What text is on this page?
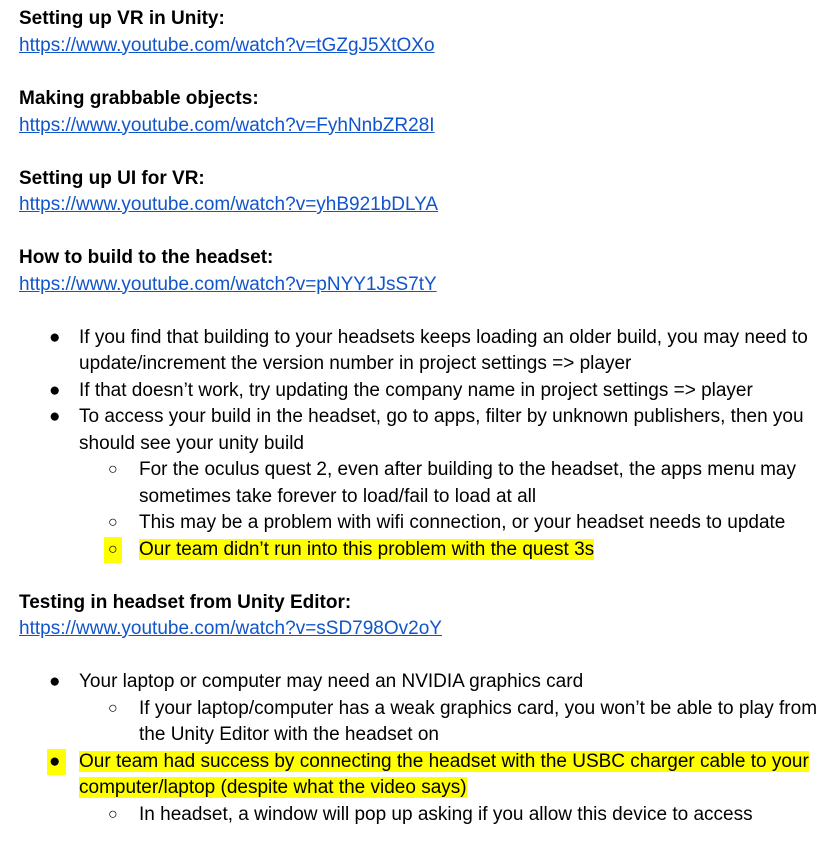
Setting up VR in Unity:

https://www.youtube.com/watch?v=tGZgJ5XtOXo

Making grabbable objects:

https://www.youtube.com/watch?v=FyhNnbZR28I

Setting up UI for VR:

https://www.youtube.com/watch?v=yhB921bDLYA

How to build to the headset:

https://www.youtube.com/watch?v=pNYY1JsS7tY
● If you find that building to your headsets keeps loading an older build, you may need to update/increment the version number in project settings => player
● If that doesn’t work, try updating the company name in project settings => player
● To access your build in the headset, go to apps, filter by unknown publishers, then you should see your unity build
○ For the oculus quest 2, even after building to the headset, the apps menu may sometimes take forever to load/fail to load at all
○ This may be a problem with wifi connection, or your headset needs to update
○ Our team didn’t run into this problem with the quest 3s

Testing in headset from Unity Editor:

https://www.youtube.com/watch?v=sSD798Ov2oY
● Your laptop or computer may need an NVIDIA graphics card
○ If your laptop/computer has a weak graphics card, you won’t be able to play from the Unity Editor with the headset on
● Our team had success by connecting the headset with the USBC charger cable to your computer/laptop (despite what the video says)
○ In headset, a window will pop up asking if you allow this device to access
